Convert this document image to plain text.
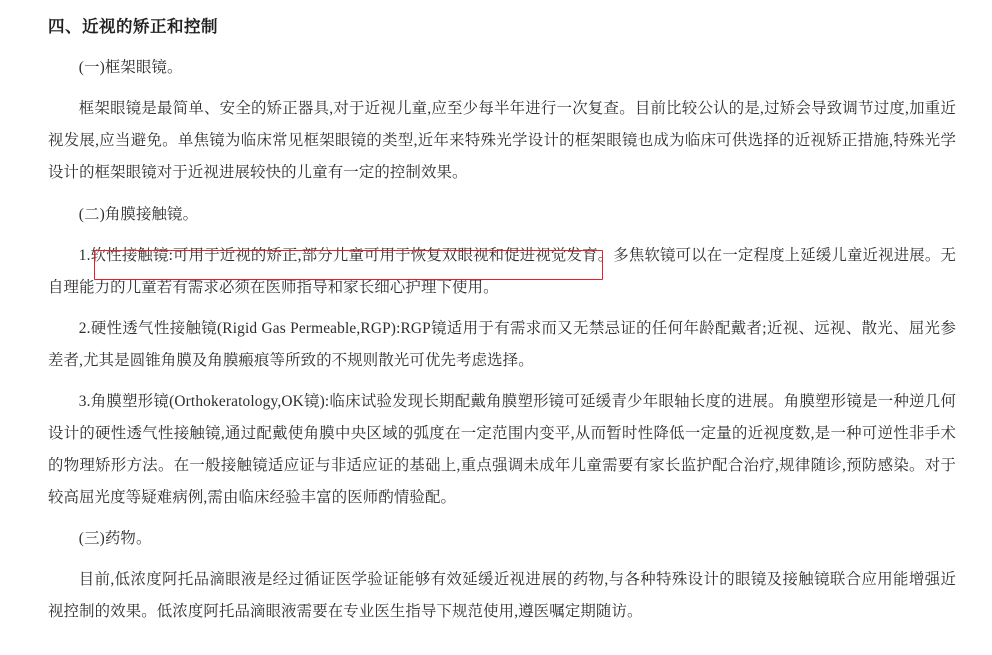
四、近视的矫正和控制
(一)框架眼镜。
框架眼镜是最简单、安全的矫正器具,对于近视儿童,应至少每半年进行一次复查。目前比较公认的是,过矫会导致调节过度,加重近视发展,应当避免。单焦镜为临床常见框架眼镜的类型,近年来特殊光学设计的框架眼镜也成为临床可供选择的近视矫正措施,特殊光学设计的框架眼镜对于近视进展较快的儿童有一定的控制效果。
(二)角膜接触镜。
1.软性接触镜:可用于近视的矫正,部分儿童可用于恢复双眼视和促进视觉发育。多焦软镜可以在一定程度上延缓儿童近视进展。无自理能力的儿童若有需求必须在医师指导和家长细心护理下使用。
2.硬性透气性接触镜(Rigid Gas Permeable,RGP):RGP镜适用于有需求而又无禁忌证的任何年龄配戴者;近视、远视、散光、屈光参差者,尤其是圆锥角膜及角膜瘢痕等所致的不规则散光可优先考虑选择。
3.角膜塑形镜(Orthokeratology,OK镜):临床试验发现长期配戴角膜塑形镜可延缓青少年眼轴长度的进展。角膜塑形镜是一种逆几何设计的硬性透气性接触镜,通过配戴使角膜中央区域的弧度在一定范围内变平,从而暂时性降低一定量的近视度数,是一种可逆性非手术的物理矫形方法。在一般接触镜适应证与非适应证的基础上,重点强调未成年儿童需要有家长监护配合治疗,规律随诊,预防感染。对于较高屈光度等疑难病例,需由临床经验丰富的医师酌情验配。
(三)药物。
目前,低浓度阿托品滴眼液是经过循证医学验证能够有效延缓近视进展的药物,与各种特殊设计的眼镜及接触镜联合应用能增强近视控制的效果。低浓度阿托品滴眼液需要在专业医生指导下规范使用,遵医嘱定期随访。
